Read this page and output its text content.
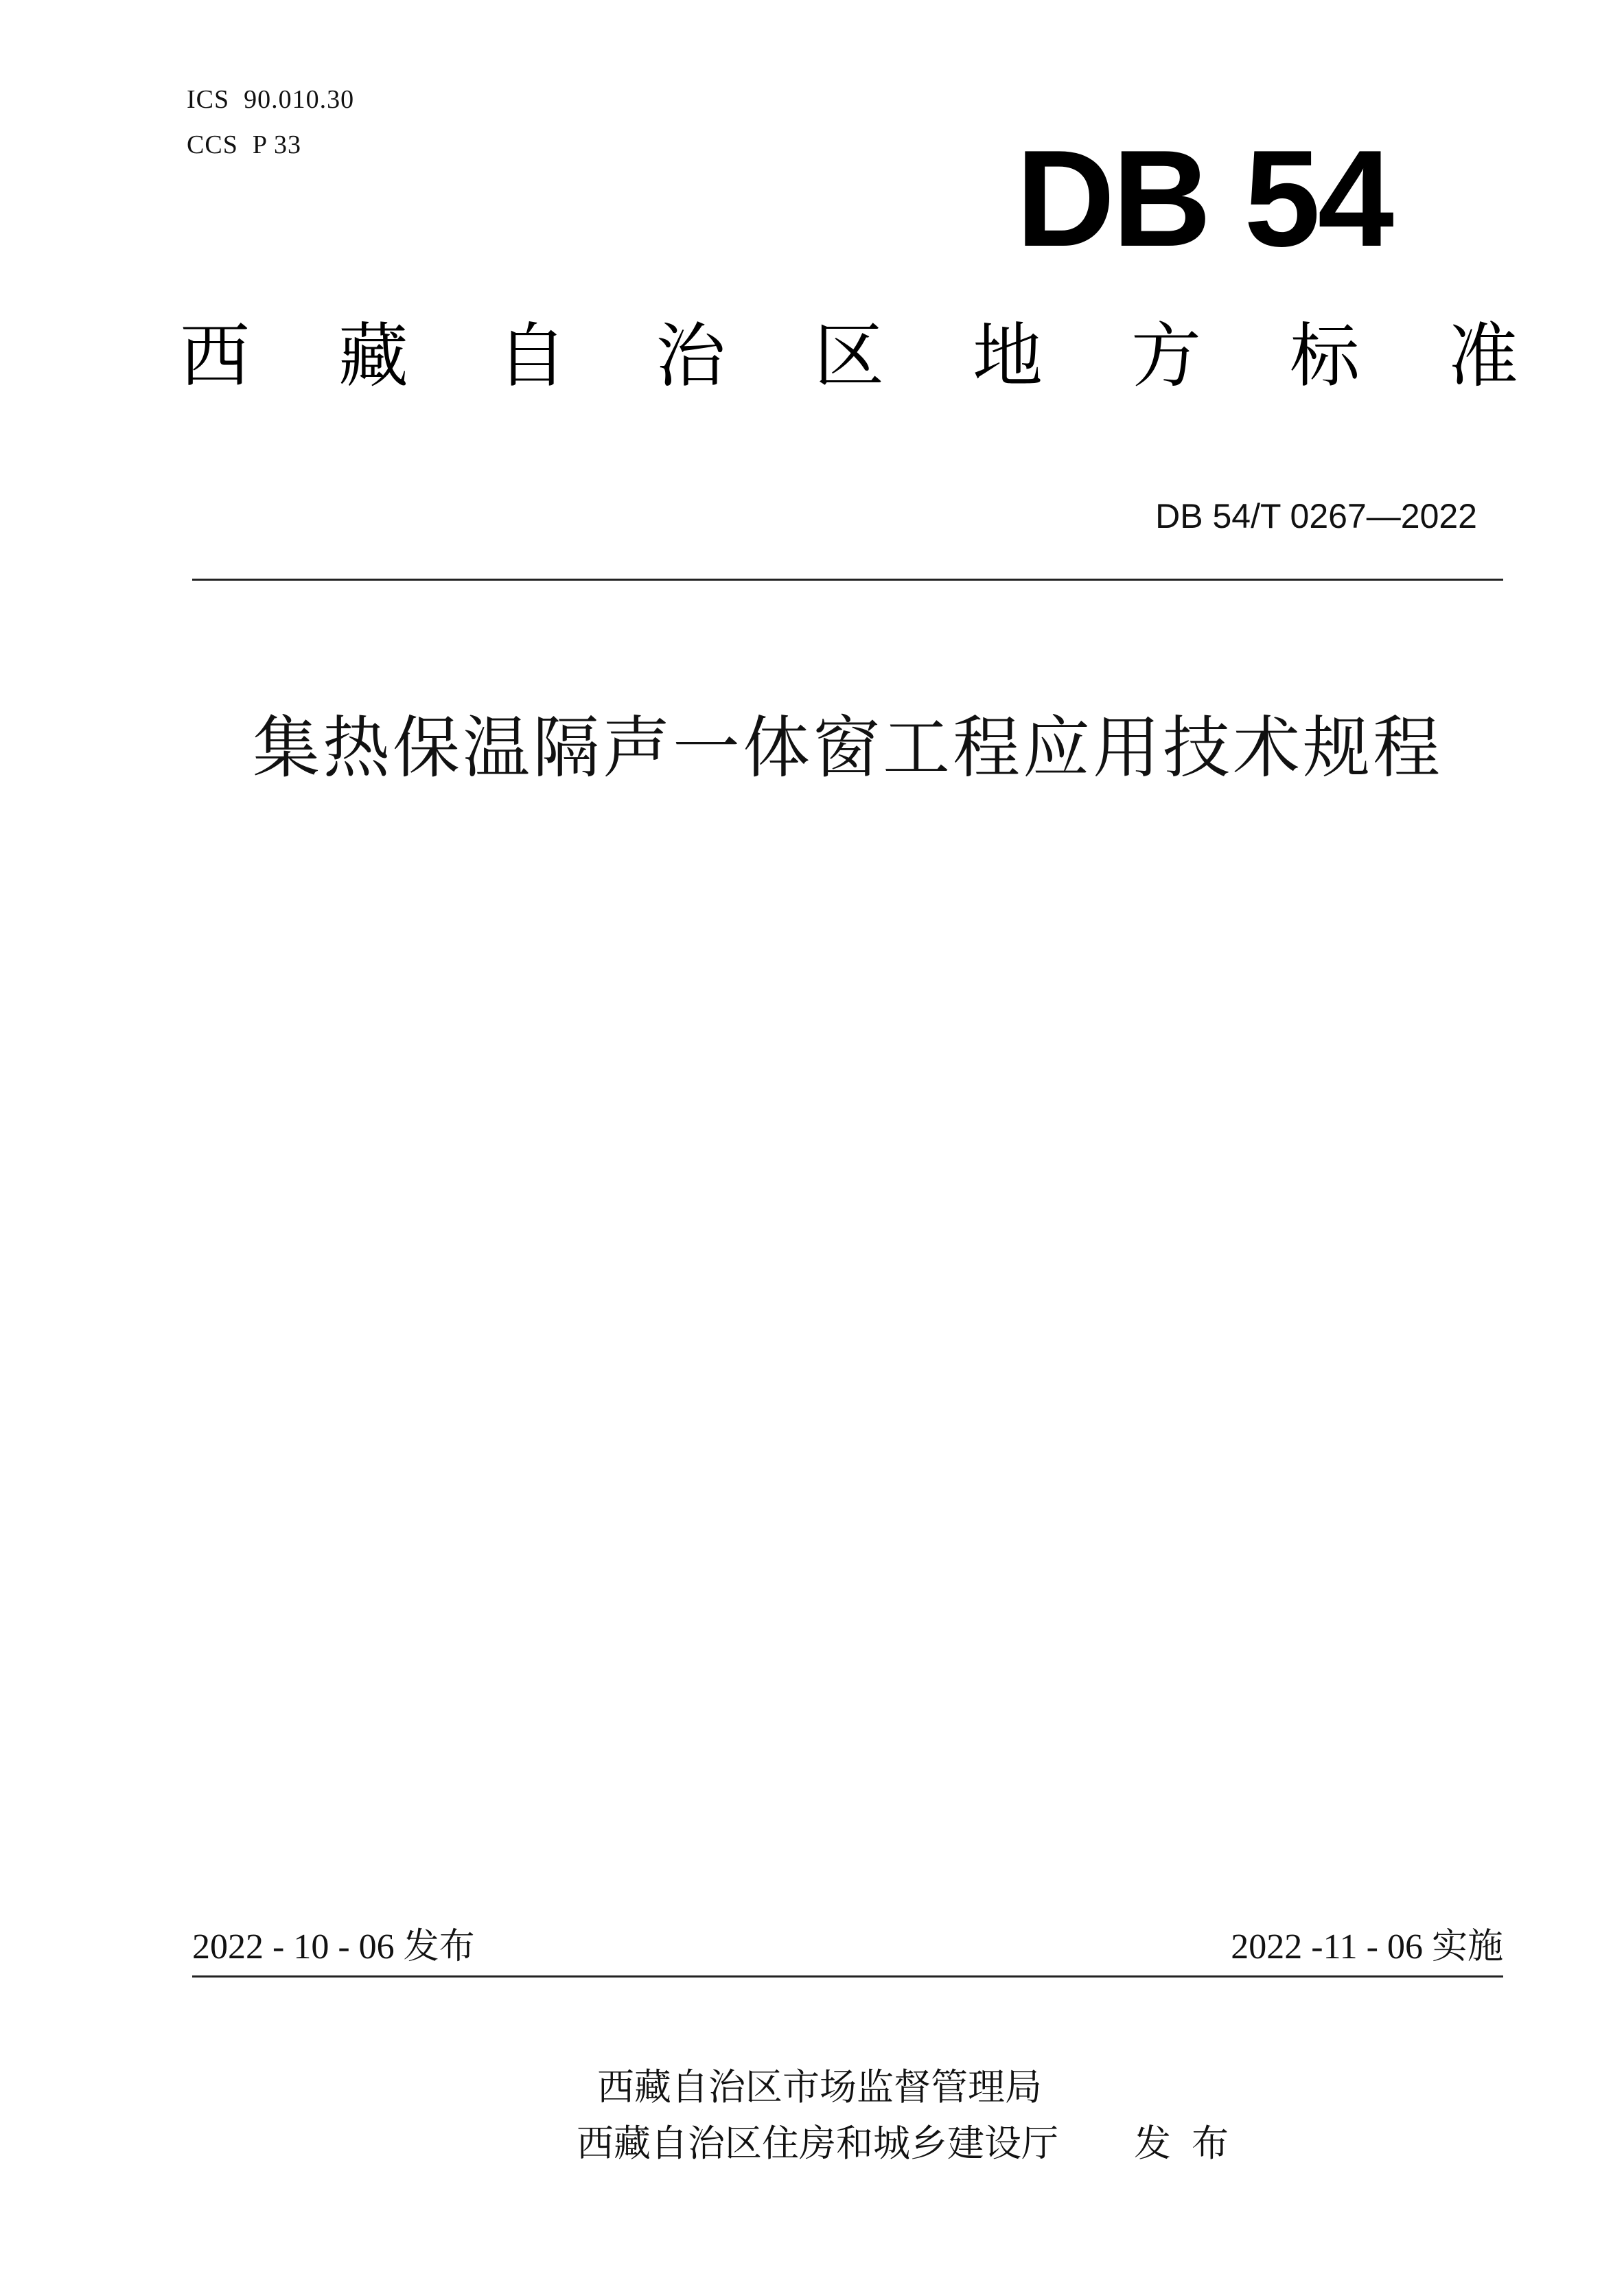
ICS  90.010.30
CCS  P 33	DB 54
西 藏 自 治 区 地 方 标 准
DB 54/T 0267—2022
集热保温隔声一体窗工程应用技术规程
2022 - 10 - 06 发布	2022 -11 - 06 实施
西藏自治区市场监督管理局
西藏自治区住房和城乡建设厅 发布
